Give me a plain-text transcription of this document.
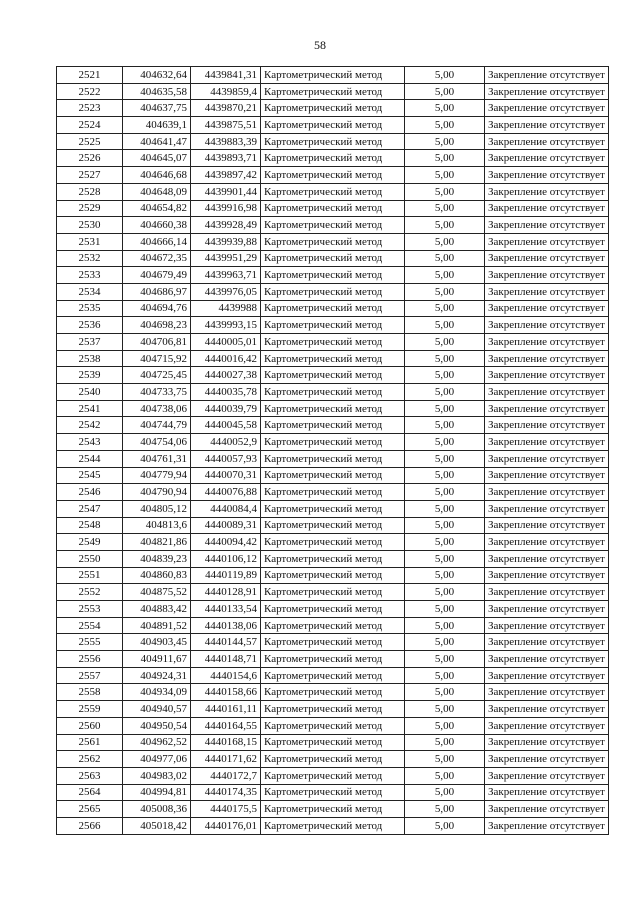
58
2521	404632,64	4439841,31	Картометрический метод	5,00	Закрепление отсутствует
2522	404635,58	4439859,4	Картометрический метод	5,00	Закрепление отсутствует
2523	404637,75	4439870,21	Картометрический метод	5,00	Закрепление отсутствует
2524	404639,1	4439875,51	Картометрический метод	5,00	Закрепление отсутствует
2525	404641,47	4439883,39	Картометрический метод	5,00	Закрепление отсутствует
2526	404645,07	4439893,71	Картометрический метод	5,00	Закрепление отсутствует
2527	404646,68	4439897,42	Картометрический метод	5,00	Закрепление отсутствует
2528	404648,09	4439901,44	Картометрический метод	5,00	Закрепление отсутствует
2529	404654,82	4439916,98	Картометрический метод	5,00	Закрепление отсутствует
2530	404660,38	4439928,49	Картометрический метод	5,00	Закрепление отсутствует
2531	404666,14	4439939,88	Картометрический метод	5,00	Закрепление отсутствует
2532	404672,35	4439951,29	Картометрический метод	5,00	Закрепление отсутствует
2533	404679,49	4439963,71	Картометрический метод	5,00	Закрепление отсутствует
2534	404686,97	4439976,05	Картометрический метод	5,00	Закрепление отсутствует
2535	404694,76	4439988	Картометрический метод	5,00	Закрепление отсутствует
2536	404698,23	4439993,15	Картометрический метод	5,00	Закрепление отсутствует
2537	404706,81	4440005,01	Картометрический метод	5,00	Закрепление отсутствует
2538	404715,92	4440016,42	Картометрический метод	5,00	Закрепление отсутствует
2539	404725,45	4440027,38	Картометрический метод	5,00	Закрепление отсутствует
2540	404733,75	4440035,78	Картометрический метод	5,00	Закрепление отсутствует
2541	404738,06	4440039,79	Картометрический метод	5,00	Закрепление отсутствует
2542	404744,79	4440045,58	Картометрический метод	5,00	Закрепление отсутствует
2543	404754,06	4440052,9	Картометрический метод	5,00	Закрепление отсутствует
2544	404761,31	4440057,93	Картометрический метод	5,00	Закрепление отсутствует
2545	404779,94	4440070,31	Картометрический метод	5,00	Закрепление отсутствует
2546	404790,94	4440076,88	Картометрический метод	5,00	Закрепление отсутствует
2547	404805,12	4440084,4	Картометрический метод	5,00	Закрепление отсутствует
2548	404813,6	4440089,31	Картометрический метод	5,00	Закрепление отсутствует
2549	404821,86	4440094,42	Картометрический метод	5,00	Закрепление отсутствует
2550	404839,23	4440106,12	Картометрический метод	5,00	Закрепление отсутствует
2551	404860,83	4440119,89	Картометрический метод	5,00	Закрепление отсутствует
2552	404875,52	4440128,91	Картометрический метод	5,00	Закрепление отсутствует
2553	404883,42	4440133,54	Картометрический метод	5,00	Закрепление отсутствует
2554	404891,52	4440138,06	Картометрический метод	5,00	Закрепление отсутствует
2555	404903,45	4440144,57	Картометрический метод	5,00	Закрепление отсутствует
2556	404911,67	4440148,71	Картометрический метод	5,00	Закрепление отсутствует
2557	404924,31	4440154,6	Картометрический метод	5,00	Закрепление отсутствует
2558	404934,09	4440158,66	Картометрический метод	5,00	Закрепление отсутствует
2559	404940,57	4440161,11	Картометрический метод	5,00	Закрепление отсутствует
2560	404950,54	4440164,55	Картометрический метод	5,00	Закрепление отсутствует
2561	404962,52	4440168,15	Картометрический метод	5,00	Закрепление отсутствует
2562	404977,06	4440171,62	Картометрический метод	5,00	Закрепление отсутствует
2563	404983,02	4440172,7	Картометрический метод	5,00	Закрепление отсутствует
2564	404994,81	4440174,35	Картометрический метод	5,00	Закрепление отсутствует
2565	405008,36	4440175,5	Картометрический метод	5,00	Закрепление отсутствует
2566	405018,42	4440176,01	Картометрический метод	5,00	Закрепление отсутствует
